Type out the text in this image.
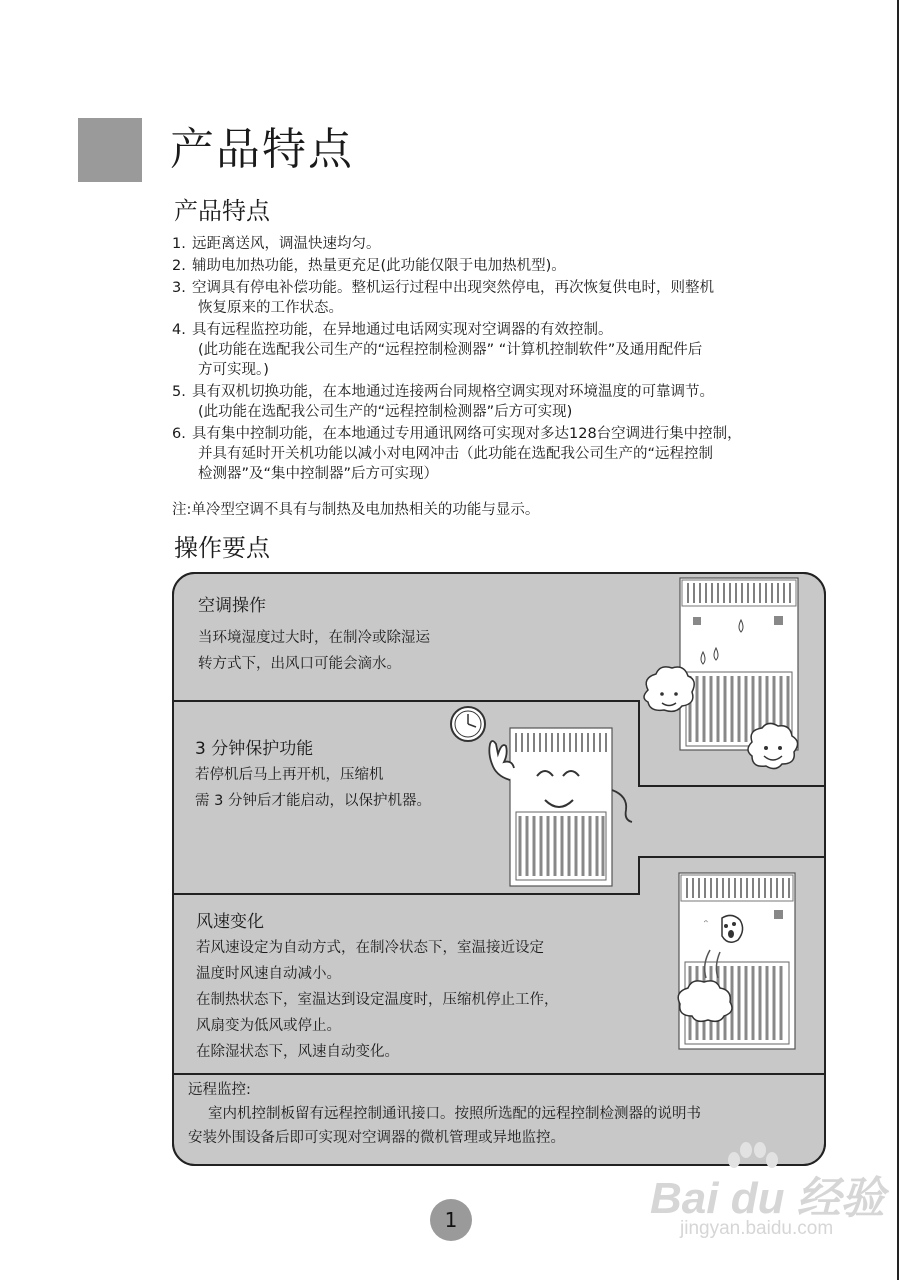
产品特点
产品特点
1. 远距离送风，调温快速均匀。
2. 辅助电加热功能，热量更充足(此功能仅限于电加热机型)。
3. 空调具有停电补偿功能。整机运行过程中出现突然停电，再次恢复供电时，则整机
恢复原来的工作状态。
4. 具有远程监控功能，在异地通过电话网实现对空调器的有效控制。
(此功能在选配我公司生产的“远程控制检测器” “计算机控制软件”及通用配件后
方可实现。)
5. 具有双机切换功能，在本地通过连接两台同规格空调实现对环境温度的可靠调节。
(此功能在选配我公司生产的“远程控制检测器”后方可实现)
6. 具有集中控制功能，在本地通过专用通讯网络可实现对多达128台空调进行集中控制，
并具有延时开关机功能以减小对电网冲击（此功能在选配我公司生产的“远程控制
检测器”及“集中控制器”后方可实现）
注:单冷型空调不具有与制热及电加热相关的功能与显示。
操作要点
ᵔ
空调操作
当环境湿度过大时，在制冷或除湿运
转方式下，出风口可能会滴水。
3 分钟保护功能
若停机后马上再开机，压缩机
需 3 分钟后才能启动，以保护机器。
风速变化
若风速设定为自动方式，在制冷状态下，室温接近设定
温度时风速自动减小。
在制热状态下，室温达到设定温度时，压缩机停止工作，
风扇变为低风或停止。
在除湿状态下，风速自动变化。
远程监控:
室内机控制板留有远程控制通讯接口。按照所选配的远程控制检测器的说明书
安装外围设备后即可实现对空调器的微机管理或异地监控。
1	Bai du 经验
jingyan.baidu.com
